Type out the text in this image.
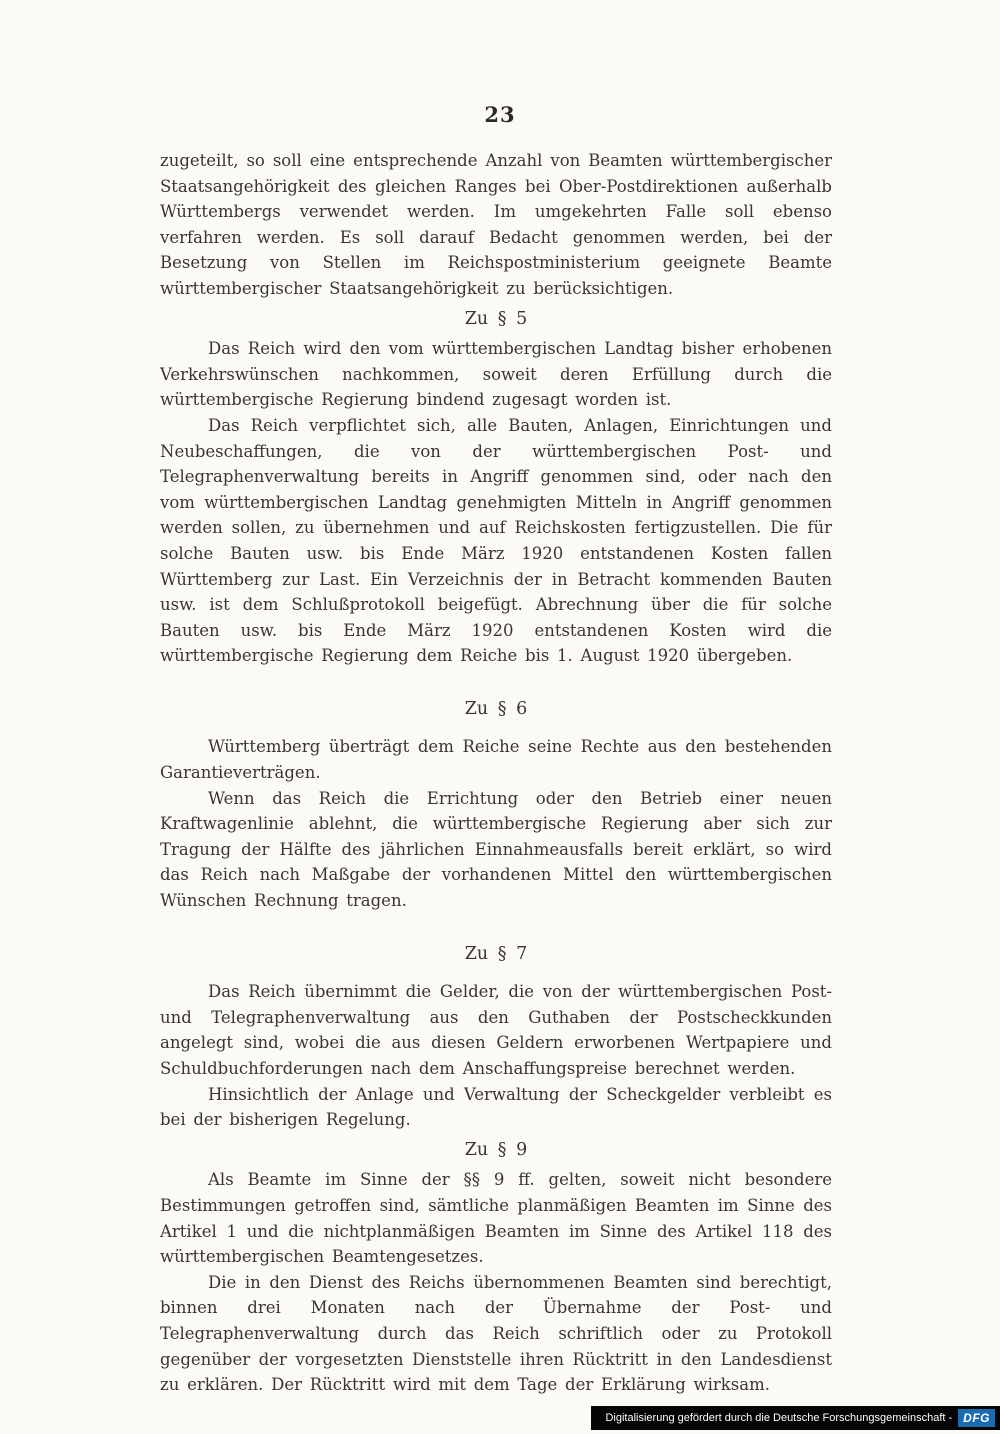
23

zugeteilt, so soll eine entsprechende Anzahl von Beamten württembergischer Staatsangehörigkeit des gleichen Ranges bei Ober-Postdirektionen außerhalb Württembergs verwendet werden. Im umgekehrten Falle soll ebenso verfahren werden. Es soll darauf Bedacht genommen werden, bei der Besetzung von Stellen im Reichspostministerium geeignete Beamte württembergischer Staatsangehörigkeit zu berücksichtigen.

Zu § 5

Das Reich wird den vom württembergischen Landtag bisher erhobenen Verkehrswünschen nachkommen, soweit deren Erfüllung durch die württembergische Regierung bindend zugesagt worden ist.

Das Reich verpflichtet sich, alle Bauten, Anlagen, Einrichtungen und Neubeschaffungen, die von der württembergischen Post- und Telegraphenverwaltung bereits in Angriff genommen sind, oder nach den vom württembergischen Landtag genehmigten Mitteln in Angriff genommen werden sollen, zu übernehmen und auf Reichskosten fertigzustellen. Die für solche Bauten usw. bis Ende März 1920 entstandenen Kosten fallen Württemberg zur Last. Ein Verzeichnis der in Betracht kommenden Bauten usw. ist dem Schlußprotokoll beigefügt. Abrechnung über die für solche Bauten usw. bis Ende März 1920 entstandenen Kosten wird die württembergische Regierung dem Reiche bis 1. August 1920 übergeben.

Zu § 6

Württemberg überträgt dem Reiche seine Rechte aus den bestehenden Garantieverträgen.

Wenn das Reich die Errichtung oder den Betrieb einer neuen Kraftwagenlinie ablehnt, die württembergische Regierung aber sich zur Tragung der Hälfte des jährlichen Einnahmeausfalls bereit erklärt, so wird das Reich nach Maßgabe der vorhandenen Mittel den württembergischen Wünschen Rechnung tragen.

Zu § 7

Das Reich übernimmt die Gelder, die von der württembergischen Post- und Telegraphenverwaltung aus den Guthaben der Postscheckkunden angelegt sind, wobei die aus diesen Geldern erworbenen Wertpapiere und Schuldbuchforderungen nach dem Anschaffungspreise berechnet werden.

Hinsichtlich der Anlage und Verwaltung der Scheckgelder verbleibt es bei der bisherigen Regelung.

Zu § 9

Als Beamte im Sinne der §§ 9 ff. gelten, soweit nicht besondere Bestimmungen getroffen sind, sämtliche planmäßigen Beamten im Sinne des Artikel 1 und die nichtplanmäßigen Beamten im Sinne des Artikel 118 des württembergischen Beamtengesetzes.

Die in den Dienst des Reichs übernommenen Beamten sind berechtigt, binnen drei Monaten nach der Übernahme der Post- und Telegraphenverwaltung durch das Reich schriftlich oder zu Protokoll gegenüber der vorgesetzten Dienststelle ihren Rücktritt in den Landesdienst zu erklären. Der Rücktritt wird mit dem Tage der Erklärung wirksam.

Digitalisierung gefördert durch die Deutsche Forschungsgemeinschaft - DFG
